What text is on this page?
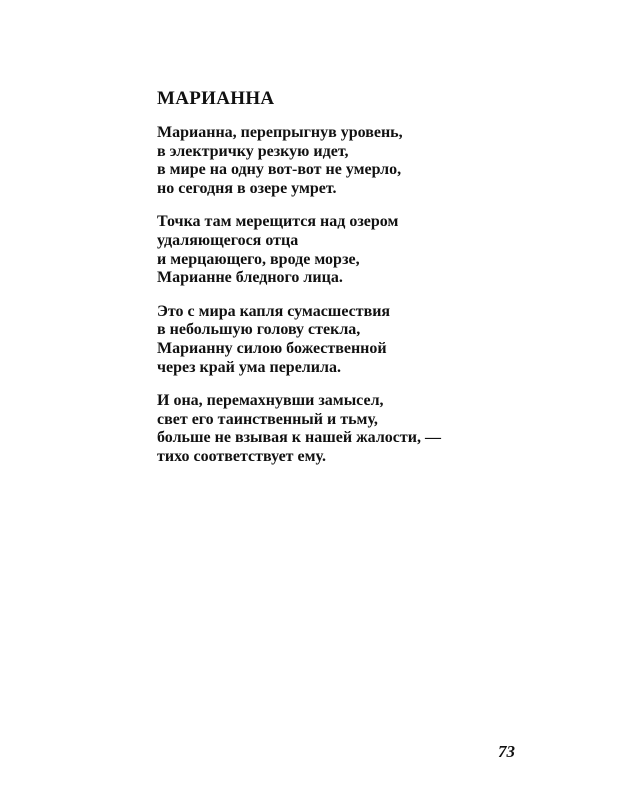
МАРИАННА
Марианна, перепрыгнув уровень,
в электричку резкую идет,
в мире на одну вот-вот не умерло,
но сегодня в озере умрет.
Точка там мерещится над озером
удаляющегося отца
и мерцающего, вроде морзе,
Марианне бледного лица.
Это с мира капля сумасшествия
в небольшую голову стекла,
Марианну силою божественной
через край ума перелила.
И она, перемахнувши замысел,
свет его таинственный и тьму,
больше не взывая к нашей жалости, —
тихо соответствует ему.
73
